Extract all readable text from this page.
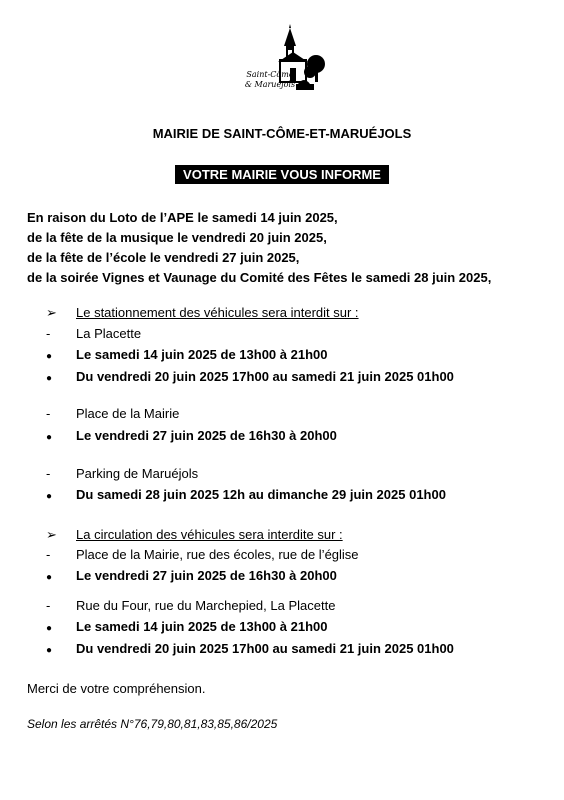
Saint-Côme
& Maruéjols
MAIRIE DE SAINT-CÔME-ET-MARUÉJOLS
VOTRE MAIRIE VOUS INFORME
En raison du Loto de l’APE le samedi 14 juin 2025,
de la fête de la musique le vendredi 20 juin 2025,
de la fête de l’école le vendredi 27 juin 2025,
de la soirée Vignes et Vaunage du Comité des Fêtes le samedi 28 juin 2025,
➢ Le stationnement des véhicules sera interdit sur :
- La Placette
● Le samedi 14 juin 2025 de 13h00 à 21h00
● Du vendredi 20 juin 2025 17h00 au samedi 21 juin 2025 01h00
- Place de la Mairie
● Le vendredi 27 juin 2025 de 16h30 à 20h00
- Parking de Maruéjols
● Du samedi 28 juin 2025 12h au dimanche 29 juin 2025 01h00
➢ La circulation des véhicules sera interdite sur :
- Place de la Mairie, rue des écoles, rue de l’église
● Le vendredi 27 juin 2025 de 16h30 à 20h00
- Rue du Four, rue du Marchepied, La Placette
● Le samedi 14 juin 2025 de 13h00 à 21h00
● Du vendredi 20 juin 2025 17h00 au samedi 21 juin 2025 01h00
Merci de votre compréhension.
Selon les arrêtés N°76,79,80,81,83,85,86/2025
